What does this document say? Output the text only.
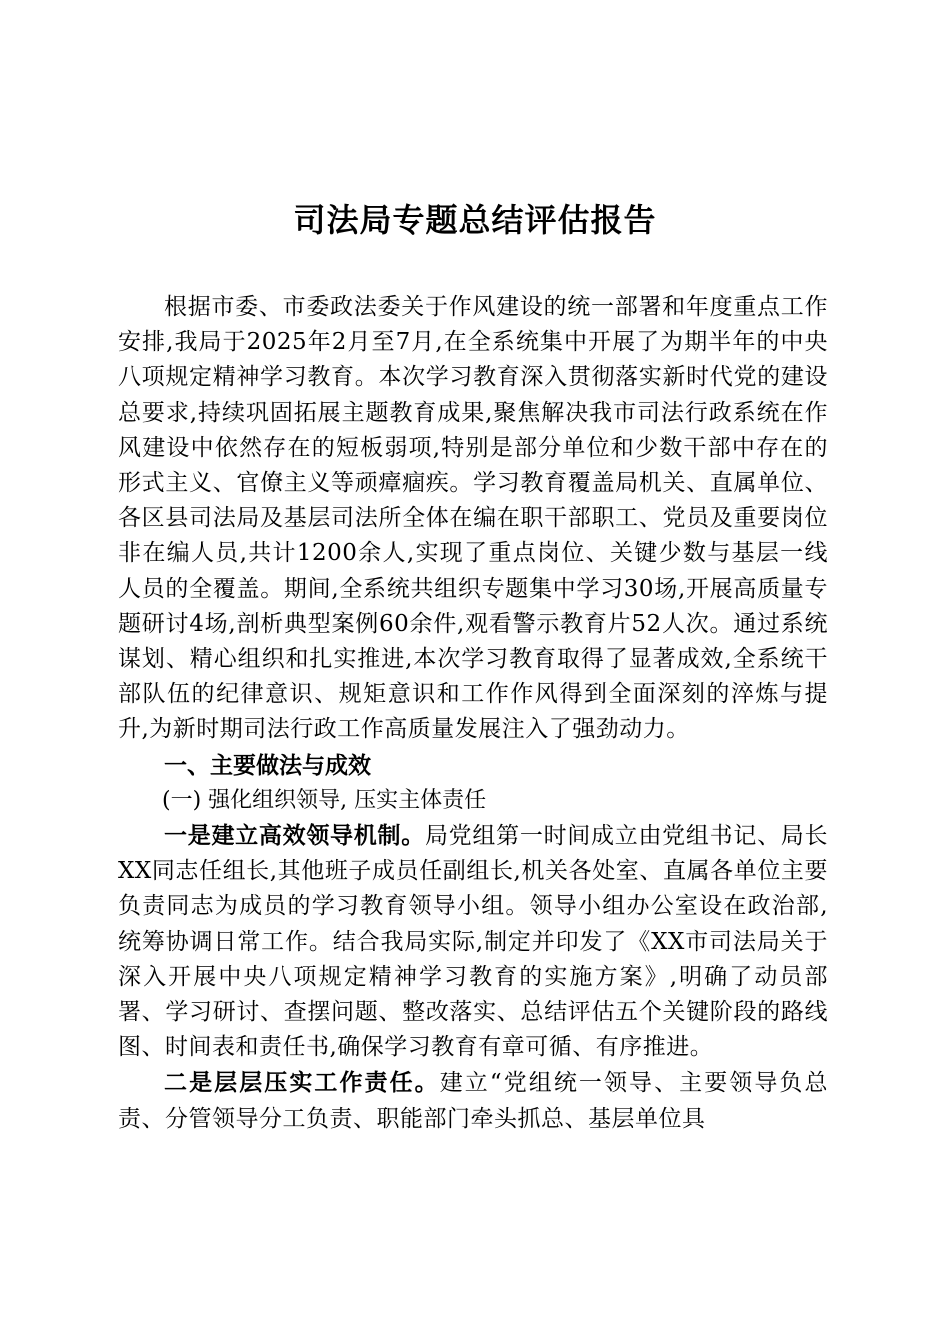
司法局专题总结评估报告

根据市委、市委政法委关于作风建设的统一部署和年度重点工作安排,我局于2025年2月至7月,在全系统集中开展了为期半年的中央八项规定精神学习教育。本次学习教育深入贯彻落实新时代党的建设总要求,持续巩固拓展主题教育成果,聚焦解决我市司法行政系统在作风建设中依然存在的短板弱项,特别是部分单位和少数干部中存在的形式主义、官僚主义等顽瘴痼疾。学习教育覆盖局机关、直属单位、各区县司法局及基层司法所全体在编在职干部职工、党员及重要岗位非在编人员,共计1200余人,实现了重点岗位、关键少数与基层一线人员的全覆盖。期间,全系统共组织专题集中学习30场,开展高质量专题研讨4场,剖析典型案例60余件,观看警示教育片52人次。通过系统谋划、精心组织和扎实推进,本次学习教育取得了显著成效,全系统干部队伍的纪律意识、规矩意识和工作作风得到全面深刻的淬炼与提升,为新时期司法行政工作高质量发展注入了强劲动力。

一、主要做法与成效

(一) 强化组织领导, 压实主体责任

一是建立高效领导机制。局党组第一时间成立由党组书记、局长XX同志任组长,其他班子成员任副组长,机关各处室、直属各单位主要负责同志为成员的学习教育领导小组。领导小组办公室设在政治部,统筹协调日常工作。结合我局实际,制定并印发了《XX市司法局关于深入开展中央八项规定精神学习教育的实施方案》,明确了动员部署、学习研讨、查摆问题、整改落实、总结评估五个关键阶段的路线图、时间表和责任书,确保学习教育有章可循、有序推进。

二是层层压实工作责任。建立“党组统一领导、主要领导负总责、分管领导分工负责、职能部门牵头抓总、基层单位具
